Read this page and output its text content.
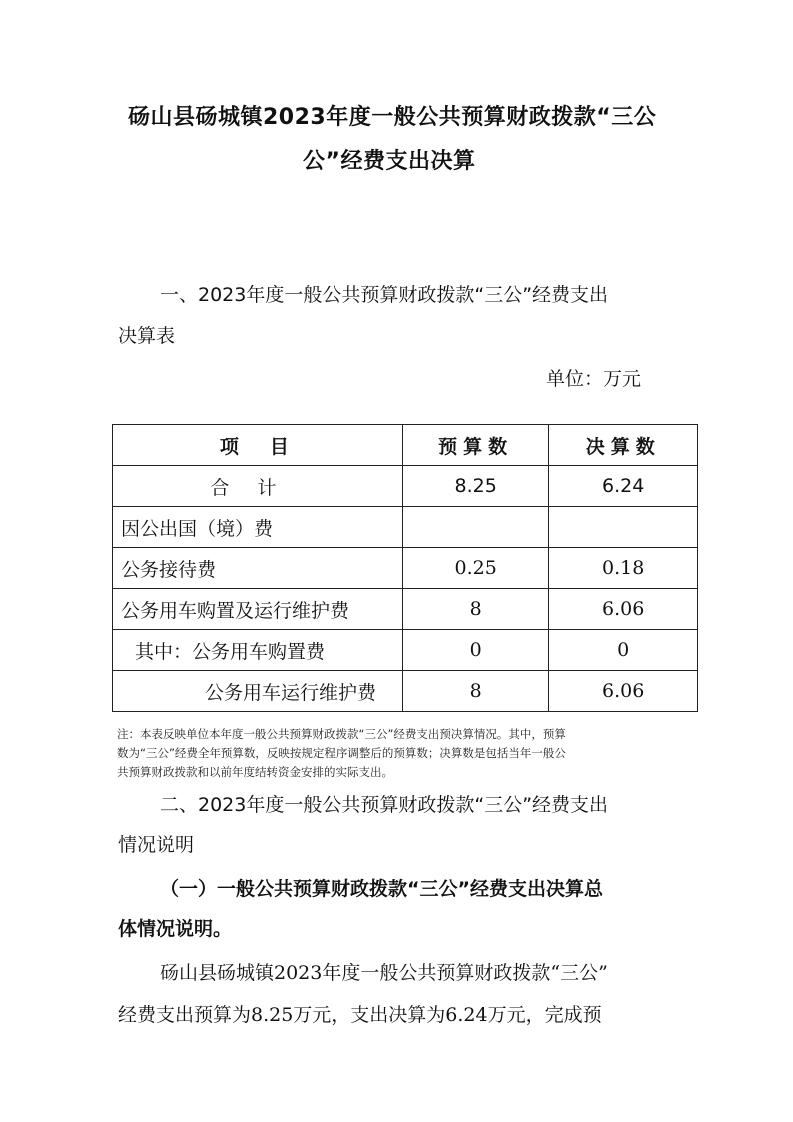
砀山县砀城镇2023年度一般公共预算财政拨款“三公

公”经费支出决算

一、2023年度一般公共预算财政拨款“三公”经费支出

决算表

单位：万元
项　目	预算数	决算数
合计	8.25	6.24
因公出国（境）费		
公务接待费	0.25	0.18
公务用车购置及运行维护费	8	6.06
其中：公务用车购置费	0	0
公务用车运行维护费	8	6.06
注：本表反映单位本年度一般公共预算财政拨款“三公”经费支出预决算情况。其中，预算
数为“三公”经费全年预算数，反映按规定程序调整后的预算数；决算数是包括当年一般公
共预算财政拨款和以前年度结转资金安排的实际支出。

二、2023年度一般公共预算财政拨款“三公”经费支出

情况说明

（一）一般公共预算财政拨款“三公”经费支出决算总

体情况说明。

砀山县砀城镇2023年度一般公共预算财政拨款“三公”

经费支出预算为8.25万元，支出决算为6.24万元，完成预
